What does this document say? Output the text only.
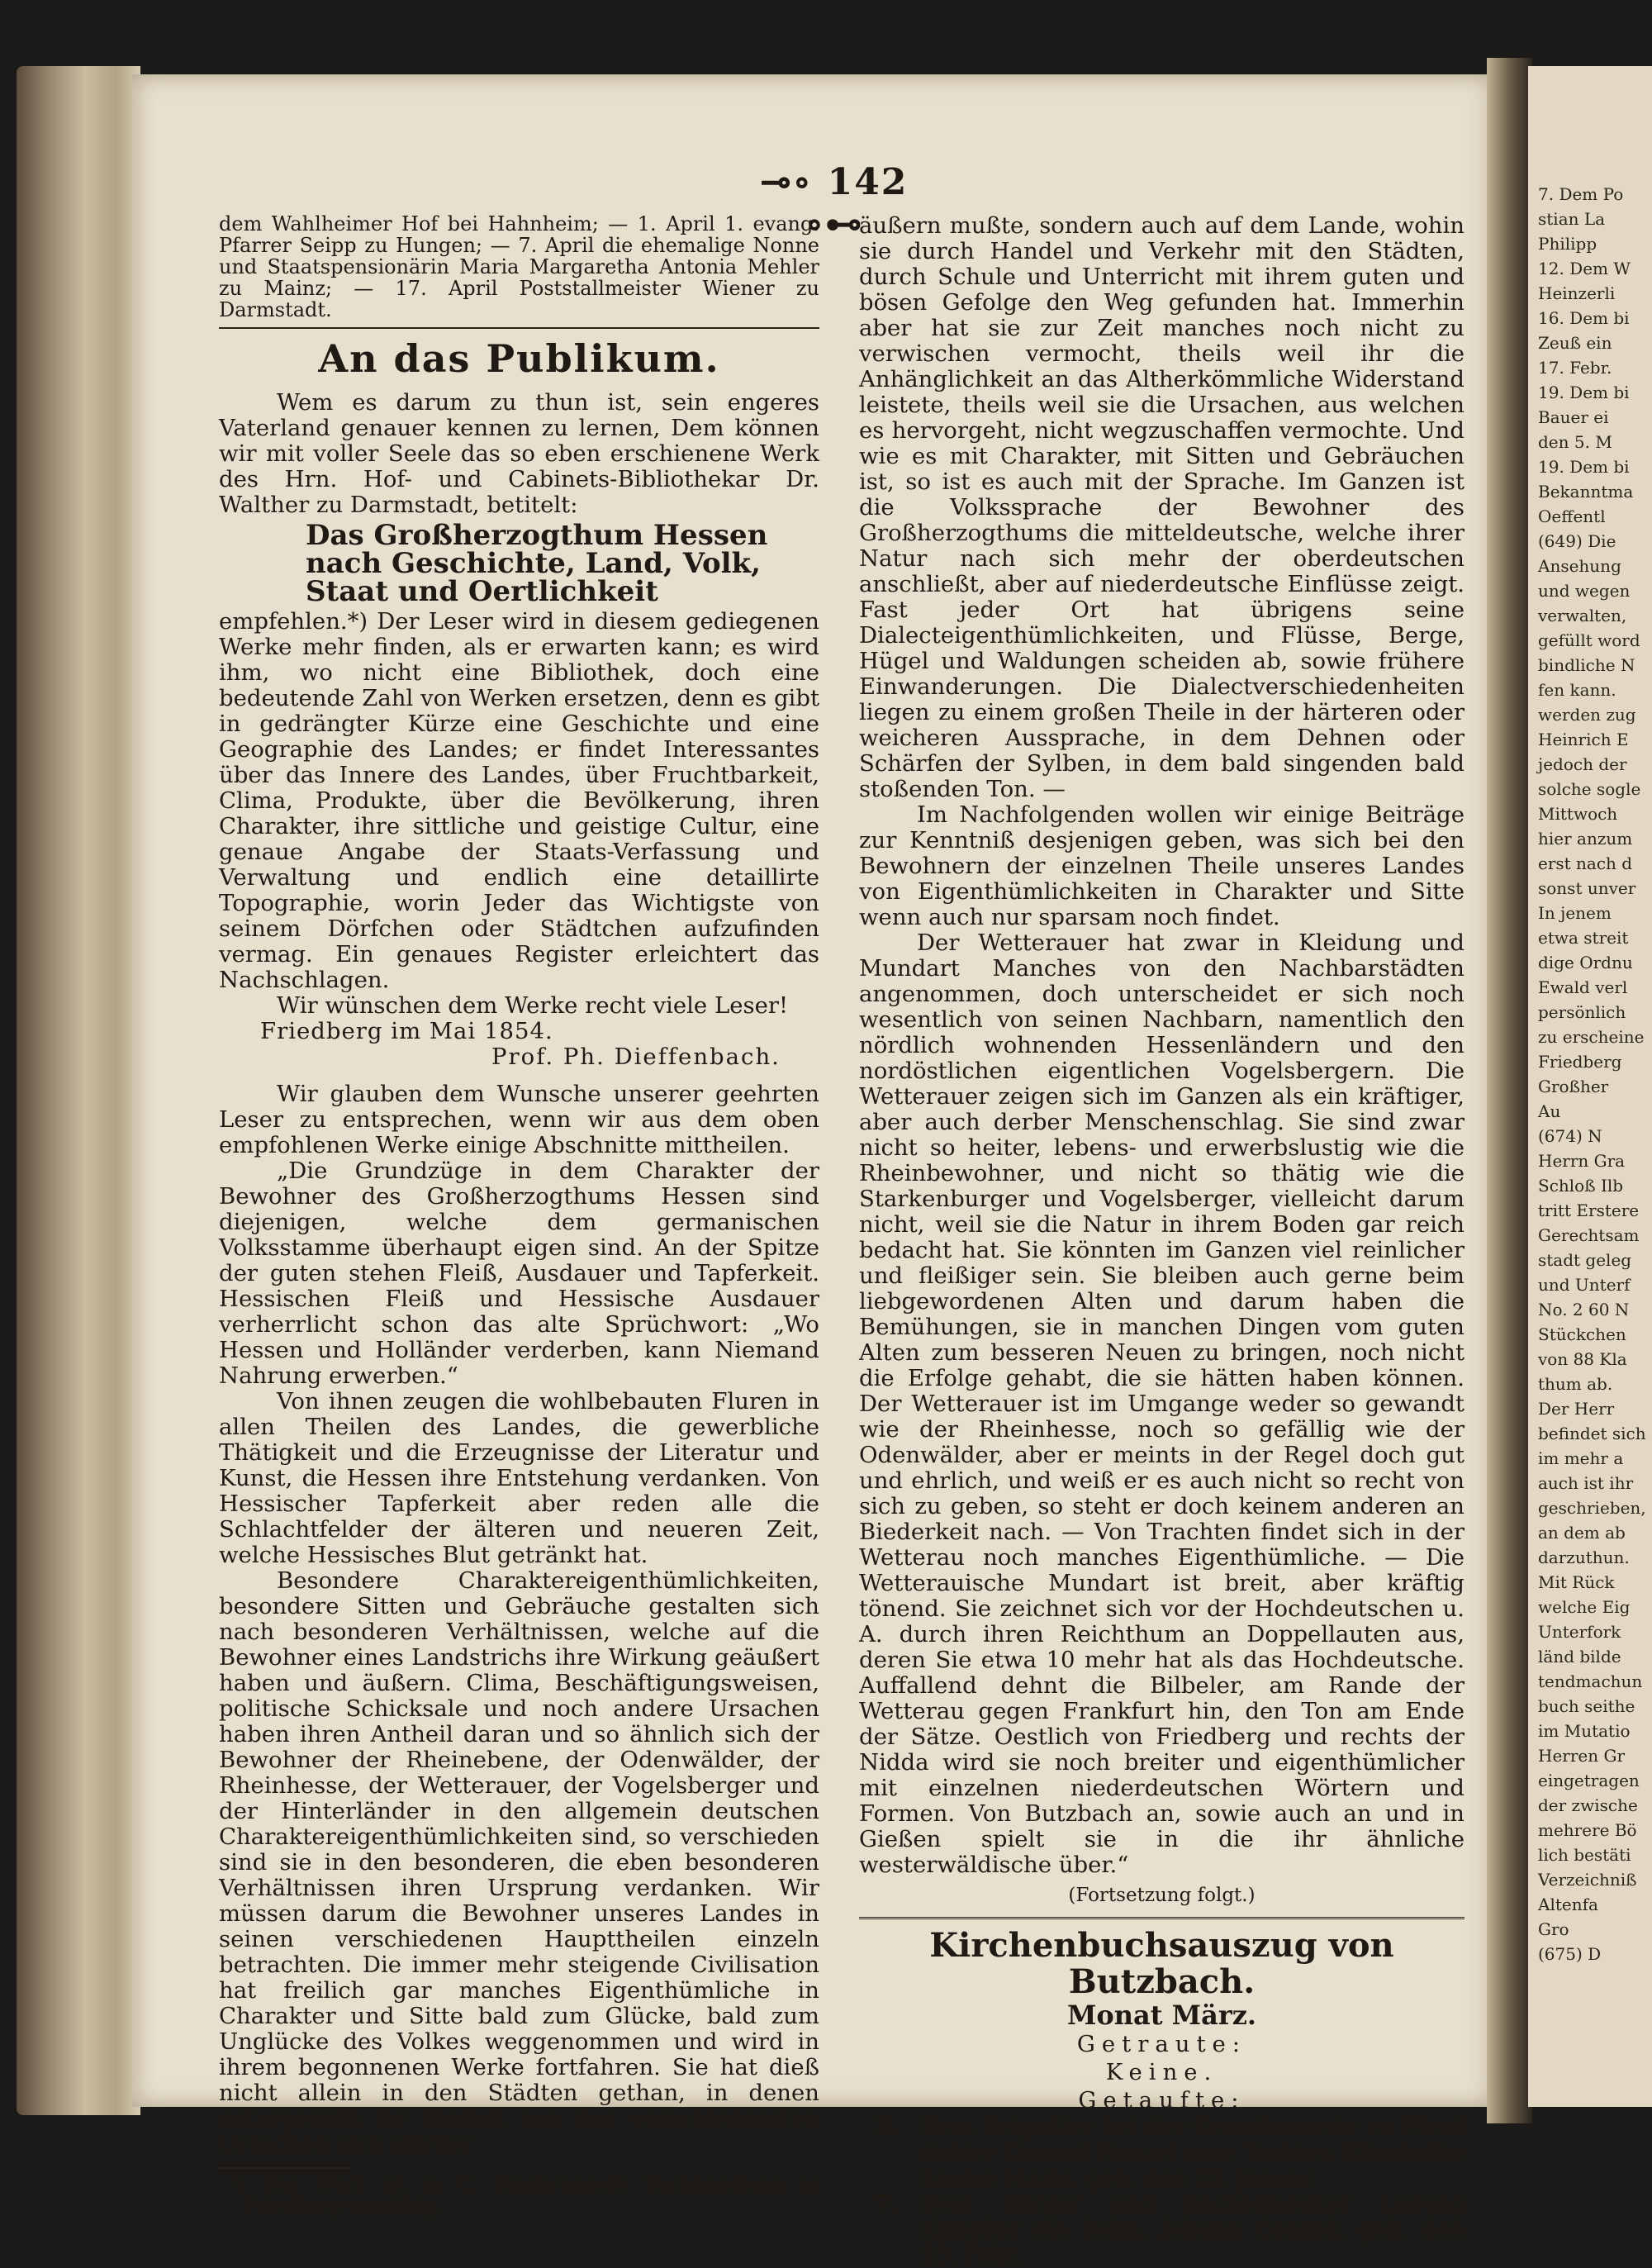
7. Dem Po
stian La
Philipp
12. Dem W
Heinzerli
16. Dem bi
Zeuß ein
17. Febr.
19. Dem bi
Bauer ei
den 5. M
19. Dem bi
Bekanntma
Oeffentl
(649) Die
Ansehung
und wegen
verwalten,
gefüllt word
bindliche N
fen kann.
werden zug
Heinrich E
jedoch der
solche sogle
Mittwoch
hier anzum
erst nach d
sonst unver
In jenem
etwa streit
dige Ordnu
Ewald verl
persönlich
zu erscheine
Friedberg
Großher
Au
(674) N
Herrn Gra
Schloß Ilb
tritt Erstere
Gerechtsam
stadt geleg
und Unterf
No. 2 60 N
Stückchen
von 88 Kla
thum ab.
Der Herr
befindet sich
im mehr a
auch ist ihr
geschrieben,
an dem ab
darzuthun.
Mit Rück
welche Eig
Unterfork
länd bilde
tendmachun
buch seithe
im Mutatio
Herren Gr
eingetragen
der zwische
mehrere Bö
lich bestäti
Verzeichniß
Altenfa
Gro
(675) D
⊸∘ 142 ∘⊷

dem Wahlheimer Hof bei Hahnheim; — 1. April 1. evang. Pfarrer Seipp zu Hungen; — 7. April die ehemalige Nonne und Staatspensionärin Maria Margaretha Antonia Mehler zu Mainz; — 17. April Poststallmeister Wiener zu Darmstadt.

An das Publikum.

Wem es darum zu thun ist, sein engeres Vaterland genauer kennen zu lernen, Dem können wir mit voller Seele das so eben erschienene Werk des Hrn. Hof- und Cabinets-Bibliothekar Dr. Walther zu Darmstadt, betitelt:

Das Großherzogthum Hessen nach Geschichte, Land, Volk, Staat und Oertlichkeit

empfehlen.*) Der Leser wird in diesem gediegenen Werke mehr finden, als er erwarten kann; es wird ihm, wo nicht eine Bibliothek, doch eine bedeutende Zahl von Werken ersetzen, denn es gibt in gedrängter Kürze eine Geschichte und eine Geographie des Landes; er findet Interessantes über das Innere des Landes, über Fruchtbarkeit, Clima, Produkte, über die Bevölkerung, ihren Charakter, ihre sittliche und geistige Cultur, eine genaue Angabe der Staats-Verfassung und Verwaltung und endlich eine detaillirte Topographie, worin Jeder das Wichtigste von seinem Dörfchen oder Städtchen aufzufinden vermag. Ein genaues Register erleichtert das Nachschlagen.

Wir wünschen dem Werke recht viele Leser!

Friedberg im Mai 1854.

Prof. Ph. Dieffenbach.

Wir glauben dem Wunsche unserer geehrten Leser zu entsprechen, wenn wir aus dem oben empfohlenen Werke einige Abschnitte mittheilen.

„Die Grundzüge in dem Charakter der Bewohner des Großherzogthums Hessen sind diejenigen, welche dem germanischen Volksstamme überhaupt eigen sind. An der Spitze der guten stehen Fleiß, Ausdauer und Tapferkeit. Hessischen Fleiß und Hessische Ausdauer verherrlicht schon das alte Sprüchwort: „Wo Hessen und Holländer verderben, kann Niemand Nahrung erwerben.“

Von ihnen zeugen die wohlbebauten Fluren in allen Theilen des Landes, die gewerbliche Thätigkeit und die Erzeugnisse der Literatur und Kunst, die Hessen ihre Entstehung verdanken. Von Hessischer Tapferkeit aber reden alle die Schlachtfelder der älteren und neueren Zeit, welche Hessisches Blut getränkt hat.

Besondere Charaktereigenthümlichkeiten, besondere Sitten und Gebräuche gestalten sich nach besonderen Verhältnissen, welche auf die Bewohner eines Landstrichs ihre Wirkung geäußert haben und äußern. Clima, Beschäftigungsweisen, politische Schicksale und noch andere Ursachen haben ihren Antheil daran und so ähnlich sich der Bewohner der Rheinebene, der Odenwälder, der Rheinhesse, der Wetterauer, der Vogelsberger und der Hinterländer in den allgemein deutschen Charaktereigenthümlichkeiten sind, so verschieden sind sie in den besonderen, die eben besonderen Verhältnissen ihren Ursprung verdanken. Wir müssen darum die Bewohner unseres Landes in seinen verschiedenen Haupttheilen einzeln betrachten. Die immer mehr steigende Civilisation hat freilich gar manches Eigenthümliche in Charakter und Sitte bald zum Glücke, bald zum Unglücke des Volkes weggenommen und wird in ihrem begonnenen Werke fortfahren. Sie hat dieß nicht allein in den Städten gethan, in denen naturgemäß ihr Einfluß aus den verschiedensten Ursachen sich stärker

*) Das Werk ist in C. Bindernagel's Buchhandlung in Friedberg vorräthig.

äußern mußte, sondern auch auf dem Lande, wohin sie durch Handel und Verkehr mit den Städten, durch Schule und Unterricht mit ihrem guten und bösen Gefolge den Weg gefunden hat. Immerhin aber hat sie zur Zeit manches noch nicht zu verwischen vermocht, theils weil ihr die Anhänglichkeit an das Altherkömmliche Widerstand leistete, theils weil sie die Ursachen, aus welchen es hervorgeht, nicht wegzuschaffen vermochte. Und wie es mit Charakter, mit Sitten und Gebräuchen ist, so ist es auch mit der Sprache. Im Ganzen ist die Volkssprache der Bewohner des Großherzogthums die mitteldeutsche, welche ihrer Natur nach sich mehr der oberdeutschen anschließt, aber auf niederdeutsche Einflüsse zeigt. Fast jeder Ort hat übrigens seine Dialecteigenthümlichkeiten, und Flüsse, Berge, Hügel und Waldungen scheiden ab, sowie frühere Einwanderungen. Die Dialectverschiedenheiten liegen zu einem großen Theile in der härteren oder weicheren Aussprache, in dem Dehnen oder Schärfen der Sylben, in dem bald singenden bald stoßenden Ton. —

Im Nachfolgenden wollen wir einige Beiträge zur Kenntniß desjenigen geben, was sich bei den Bewohnern der einzelnen Theile unseres Landes von Eigenthümlichkeiten in Charakter und Sitte wenn auch nur sparsam noch findet.

Der Wetterauer hat zwar in Kleidung und Mundart Manches von den Nachbarstädten angenommen, doch unterscheidet er sich noch wesentlich von seinen Nachbarn, namentlich den nördlich wohnenden Hessenländern und den nordöstlichen eigentlichen Vogelsbergern. Die Wetterauer zeigen sich im Ganzen als ein kräftiger, aber auch derber Menschenschlag. Sie sind zwar nicht so heiter, lebens- und erwerbslustig wie die Rheinbewohner, und nicht so thätig wie die Starkenburger und Vogelsberger, vielleicht darum nicht, weil sie die Natur in ihrem Boden gar reich bedacht hat. Sie könnten im Ganzen viel reinlicher und fleißiger sein. Sie bleiben auch gerne beim liebgewordenen Alten und darum haben die Bemühungen, sie in manchen Dingen vom guten Alten zum besseren Neuen zu bringen, noch nicht die Erfolge gehabt, die sie hätten haben können. Der Wetterauer ist im Umgange weder so gewandt wie der Rheinhesse, noch so gefällig wie der Odenwälder, aber er meints in der Regel doch gut und ehrlich, und weiß er es auch nicht so recht von sich zu geben, so steht er doch keinem anderen an Biederkeit nach. — Von Trachten findet sich in der Wetterau noch manches Eigenthümliche. — Die Wetterauische Mundart ist breit, aber kräftig tönend. Sie zeichnet sich vor der Hochdeutschen u. A. durch ihren Reichthum an Doppellauten aus, deren Sie etwa 10 mehr hat als das Hochdeutsche. Auffallend dehnt die Bilbeler, am Rande der Wetterau gegen Frankfurt hin, den Ton am Ende der Sätze. Oestlich von Friedberg und rechts der Nidda wird sie noch breiter und eigenthümlicher mit einzelnen niederdeutschen Wörtern und Formen. Von Butzbach an, sowie auch an und in Gießen spielt sie in die ihr ähnliche westerwäldische über.“

(Fortsetzung folgt.)
Kirchenbuchsauszug von Butzbach.
Monat März.
Getraute:
Keine.
Getaufte:
2. Dem Brigadier bei der Gensdarmerie zu Pferd dahier Conrad Wenzel eine Tochter, Elisabethe Louise Marie, geb. den 22. Januar.
7. Dem Bürger und Bäckermeister Ludwig Künstler ein Sohn, Johann Conrad, geb. den 23. Febr.
